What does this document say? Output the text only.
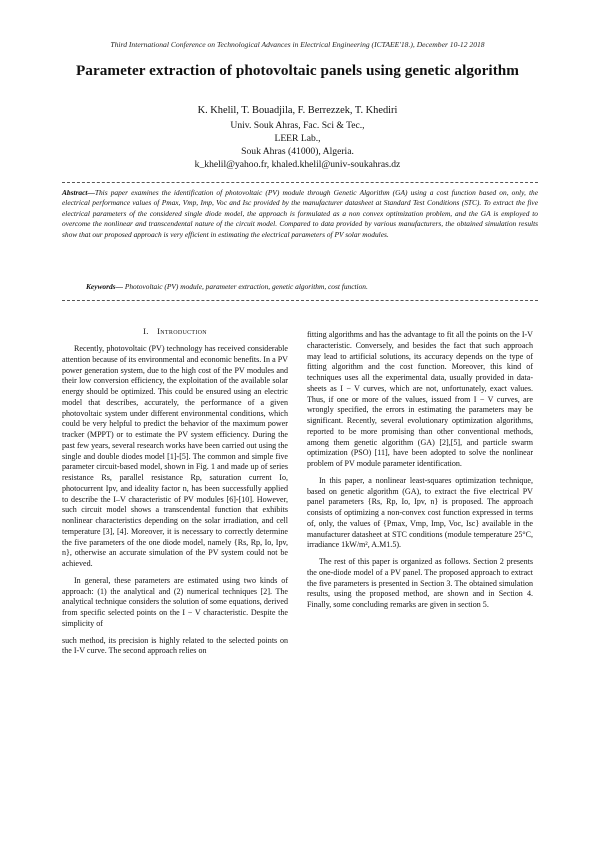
Third International Conference on Technological Advances in Electrical Engineering (ICTAEE'18.), December 10-12 2018
Parameter extraction of photovoltaic panels using genetic algorithm
K. Khelil, T. Bouadjila, F. Berrezzek, T. Khediri
Univ. Souk Ahras, Fac. Sci & Tec.,
LEER Lab.,
Souk Ahras (41000), Algeria.
k_khelil@yahoo.fr, khaled.khelil@univ-soukahras.dz
Abstract—This paper examines the identification of photovoltaic (PV) module through Genetic Algorithm (GA) using a cost function based on, only, the electrical performance values of Pmax, Vmp, Imp, Voc and Isc provided by the manufacturer datasheet at Standard Test Conditions (STC). To extract the five electrical parameters of the considered single diode model, the approach is formulated as a non convex optimization problem, and the GA is employed to overcome the nonlinear and transcendental nature of the circuit model. Compared to data provided by various manufacturers, the obtained simulation results show that our proposed approach is very efficient in estimating the electrical parameters of PV solar modules.
Keywords— Photovoltaic (PV) module, parameter extraction, genetic algorithm, cost function.
I. Introduction

Recently, photovoltaic (PV) technology has received considerable attention because of its environmental and economic benefits. In a PV power generation system, due to the high cost of the PV modules and their low conversion efficiency, the exploitation of the available solar energy should be optimized. This could be ensured using an electric model that describes, accurately, the performance of a given photovoltaic system under different environmental conditions, which could be very helpful to predict the behavior of the maximum power tracker (MPPT) or to estimate the PV system efficiency. During the past few years, several research works have been carried out using the single and double diodes model [1]-[5]. The common and simple five parameter circuit-based model, shown in Fig. 1 and made up of series resistance Rs, parallel resistance Rp, saturation current Io, photocurrent Ipv, and ideality factor n, has been successfully applied to describe the I–V characteristic of PV modules [6]-[10]. However, such circuit model shows a transcendental function that exhibits nonlinear characteristics depending on the solar irradiation, and cell temperature [3], [4]. Moreover, it is necessary to correctly determine the five parameters of the one diode model, namely {Rs, Rp, Io, Ipv, n}, otherwise an accurate simulation of the PV system could not be achieved.

In general, these parameters are estimated using two kinds of approach: (1) the analytical and (2) numerical techniques [2]. The analytical technique considers the solution of some equations, derived from specific selected points on the I − V characteristic. Despite the simplicity of

such method, its precision is highly related to the selected points on the I-V curve. The second approach relies on

fitting algorithms and has the advantage to fit all the points on the I-V characteristic. Conversely, and besides the fact that such approach may lead to artificial solutions, its accuracy depends on the type of fitting algorithm and the cost function. Moreover, this kind of techniques uses all the experimental data, usually provided in data-sheets as I − V curves, which are not, unfortunately, exact values. Thus, if one or more of the values, issued from I − V curves, are wrongly specified, the errors in estimating the parameters may be significant. Recently, several evolutionary optimization algorithms, reported to be more promising than other conventional methods, among them genetic algorithm (GA) [2],[5], and particle swarm optimization (PSO) [11], have been adopted to solve the nonlinear problem of PV module parameter identification.

In this paper, a nonlinear least-squares optimization technique, based on genetic algorithm (GA), to extract the five electrical PV panel parameters {Rs, Rp, Io, Ipv, n} is proposed. The approach consists of optimizing a non-convex cost function expressed in terms of, only, the values of {Pmax, Vmp, Imp, Voc, Isc} available in the manufacturer datasheet at STC conditions (module temperature 25°C, irradiance 1kW/m², A.M1.5).

The rest of this paper is organized as follows. Section 2 presents the one-diode model of a PV panel. The proposed approach to extract the five parameters is presented in Section 3. The obtained simulation results, using the proposed method, are shown and in Section 4. Finally, some concluding remarks are given in section 5.
